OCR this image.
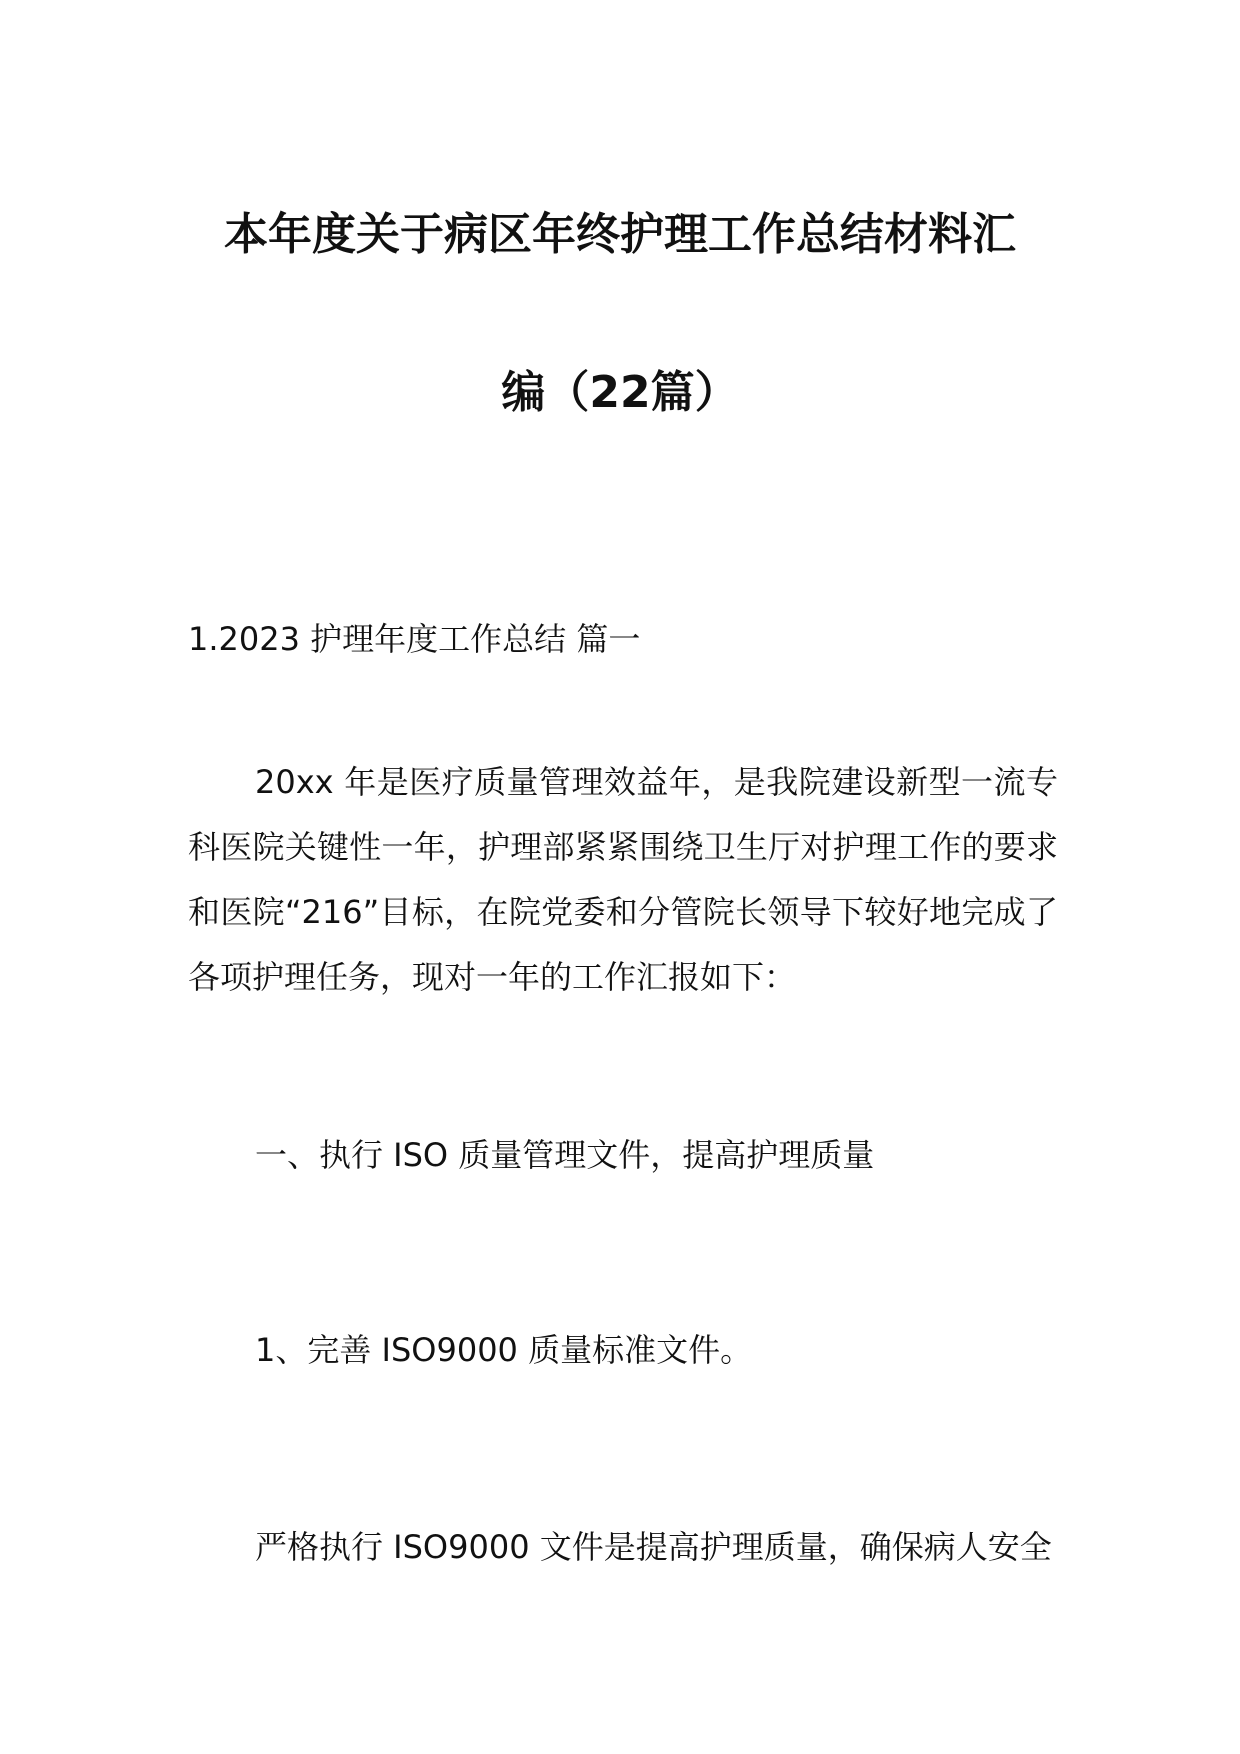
本年度关于病区年终护理工作总结材料汇
编（22篇）
1.2023 护理年度工作总结 篇一
20xx 年是医疗质量管理效益年，是我院建设新型一流专科医院关键性一年，护理部紧紧围绕卫生厅对护理工作的要求和医院“216”目标，在院党委和分管院长领导下较好地完成了各项护理任务，现对一年的工作汇报如下：
一、执行 ISO 质量管理文件，提高护理质量
1、完善 ISO9000 质量标准文件。
严格执行 ISO9000 文件是提高护理质量，确保病人安全
